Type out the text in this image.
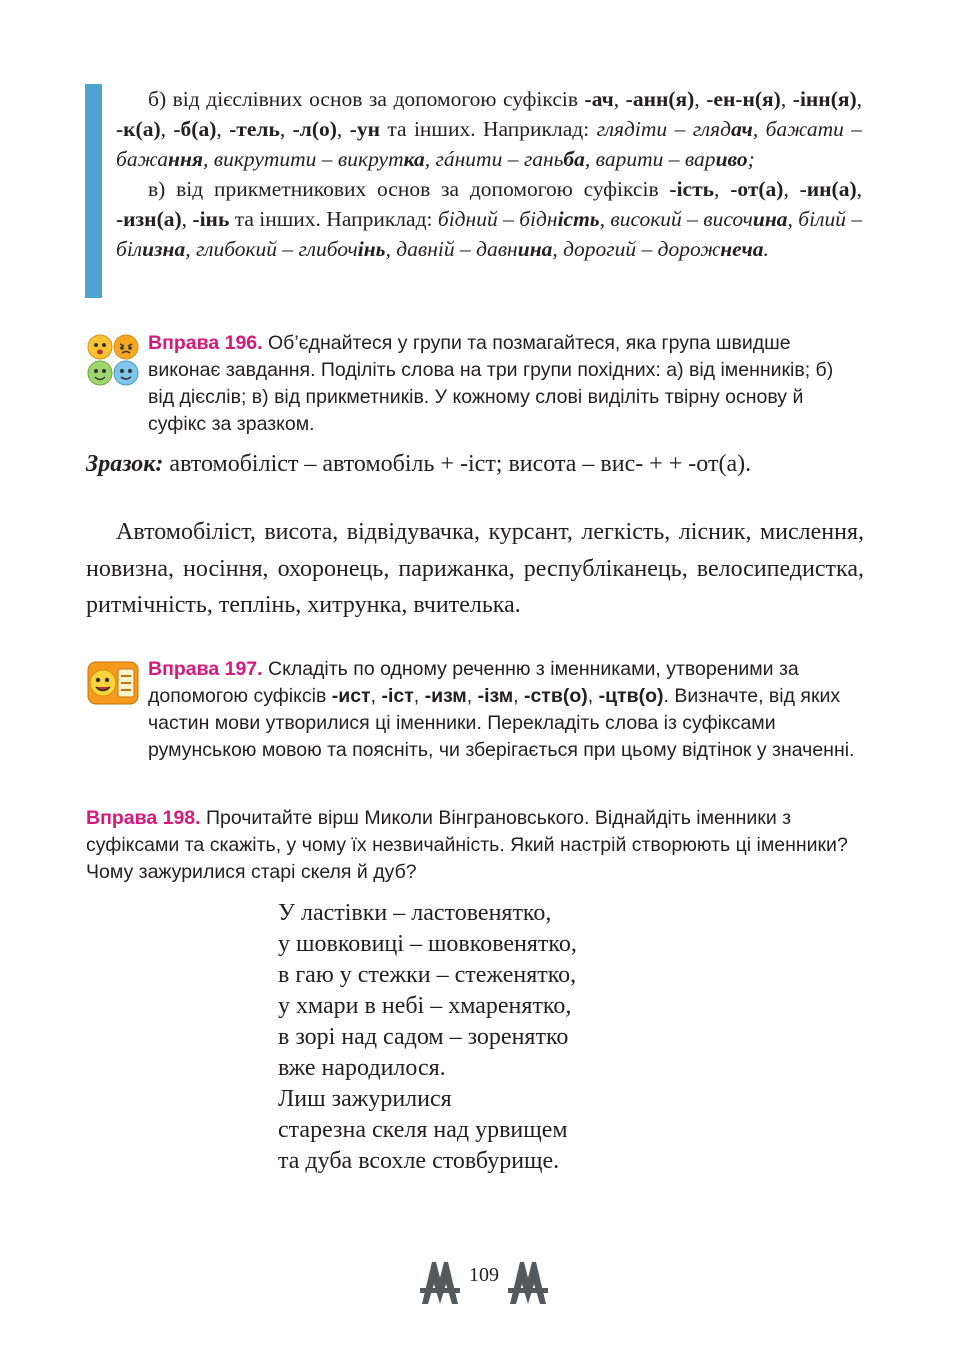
б) від дієслівних основ за допомогою суфіксів -ач, -анн(я), -ен-н(я), -інн(я), -к(а), -б(а), -тель, -л(о), -ун та інших. Наприклад: глядіти – глядач, бажати – бажання, викрутити – викрутка, гáнити – ганьба, варити – вариво;

в) від прикметникових основ за допомогою суфіксів -ість, -от(а), -ин(а), -изн(а), -інь та інших. Наприклад: бідний – бідність, високий – височина, білий – білизна, глибокий – глибочінь, давній – давнина, дорогий – дорожнеча.

Вправа 196. Об’єднайтеся у групи та позмагайтеся, яка група швидше виконає завдання. Поділіть слова на три групи похідних: а) від іменників; б) від дієслів; в) від прикметників. У кожному слові виділіть твірну основу й суфікс за зразком.
Зразок: автомобіліст – автомобіль + -іст; висота – вис- + + -от(а).
Автомобіліст, висота, відвідувачка, курсант, легкість, лісник, мислення, новизна, носіння, охоронець, парижанка, республіканець, велосипедистка, ритмічність, теплінь, хитрунка, вчителька.
Вправа 197. Складіть по одному реченню з іменниками, утвореними за допомогою суфіксів -ист, -іст, -изм, -ізм, -ств(о), -цтв(о). Визначте, від яких частин мови утворилися ці іменники. Перекладіть слова із суфіксами румунською мовою та поясніть, чи зберігається при цьому відтінок у значенні.
Вправа 198. Прочитайте вірш Миколи Вінграновського. Віднайдіть іменники з суфіксами та скажіть, у чому їх незвичайність. Який настрій створюють ці іменники? Чому зажурилися старі скеля й дуб?
У ластівки – ластовенятко,
у шовковиці – шовковенятко,
в гаю у стежки – стеженятко,
у хмари в небі – хмаренятко,
в зорі над садом – зоренятко
вже народилося.
Лиш зажурилися
старезна скеля над урвищем
та дуба всохле стовбурище.
109
